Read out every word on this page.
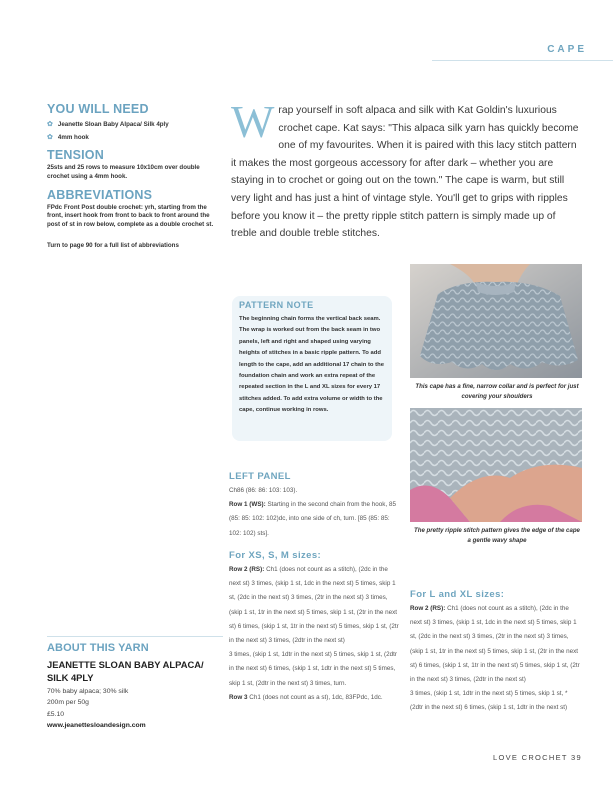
CAPE
YOU WILL NEED
✿ Jeanette Sloan Baby Alpaca/ Silk 4ply
✿ 4mm hook
TENSION
25sts and 25 rows to measure 10x10cm over double crochet using a 4mm hook.
ABBREVIATIONS
FPdc Front Post double crochet: yrh, starting from the front, insert hook from front to back to front around the post of st in row below, complete as a double crochet st.
Turn to page 90 for a full list of abbreviations
W rap yourself in soft alpaca and silk with Kat Goldin's luxurious crochet cape. Kat says: "This alpaca silk yarn has quickly become one of my favourites. When it is paired with this lacy stitch pattern it makes the most gorgeous accessory for after dark – whether you are staying in to crochet or going out on the town." The cape is warm, but still very light and has just a hint of vintage style. You'll get to grips with ripples before you know it – the pretty ripple stitch pattern is simply made up of treble and double treble stitches.
PATTERN NOTE
The beginning chain forms the vertical back seam. The wrap is worked out from the back seam in two panels, left and right and shaped using varying heights of stitches in a basic ripple pattern. To add length to the cape, add an additional 17 chain to the foundation chain and work an extra repeat of the repeated section in the L and XL sizes for every 17 stitches added. To add extra volume or width to the cape, continue working in rows.
This cape has a fine, narrow collar and is perfect for just covering your shoulders
The pretty ripple stitch pattern gives the edge of the cape a gentle wavy shape
LEFT PANEL
Ch86 (86: 86: 103: 103).
Row 1 (WS): Starting in the second chain from the hook, 85 (85: 85: 102: 102)dc, into one side of ch, turn. [85 (85: 85: 102: 102) sts].
For XS, S, M sizes:
Row 2 (RS): Ch1 (does not count as a stitch), (2dc in the next st) 3 times, (skip 1 st, 1dc in the next st) 5 times, skip 1 st, (2dc in the next st) 3 times, (2tr in the next st) 3 times, (skip 1 st, 1tr in the next st) 5 times, skip 1 st, (2tr in the next st) 6 times, (skip 1 st, 1tr in the next st) 5 times, skip 1 st, (2tr in the next st) 3 times, (2dtr in the next st)
3 times, (skip 1 st, 1dtr in the next st) 5 times, skip 1 st, (2dtr in the next st) 6 times, (skip 1 st, 1dtr in the next st) 5 times, skip 1 st, (2dtr in the next st) 3 times, turn.
Row 3 Ch1 (does not count as a st), 1dc, 83FPdc, 1dc.
For L and XL sizes:
Row 2 (RS): Ch1 (does not count as a stitch), (2dc in the next st) 3 times, (skip 1 st, 1dc in the next st) 5 times, skip 1 st, (2dc in the next st) 3 times, (2tr in the next st) 3 times, (skip 1 st, 1tr in the next st) 5 times, skip 1 st, (2tr in the next st) 6 times, (skip 1 st, 1tr in the next st) 5 times, skip 1 st, (2tr in the next st) 3 times, (2dtr in the next st)
3 times, (skip 1 st, 1dtr in the next st) 5 times, skip 1 st, *(2dtr in the next st) 6 times, (skip 1 st, 1dtr in the next st)
ABOUT THIS YARN
JEANETTE SLOAN BABY ALPACA/ SILK 4PLY
70% baby alpaca; 30% silk
200m per 50g
£5.10
www.jeanettesloandesign.com
LOVE CROCHET 39
